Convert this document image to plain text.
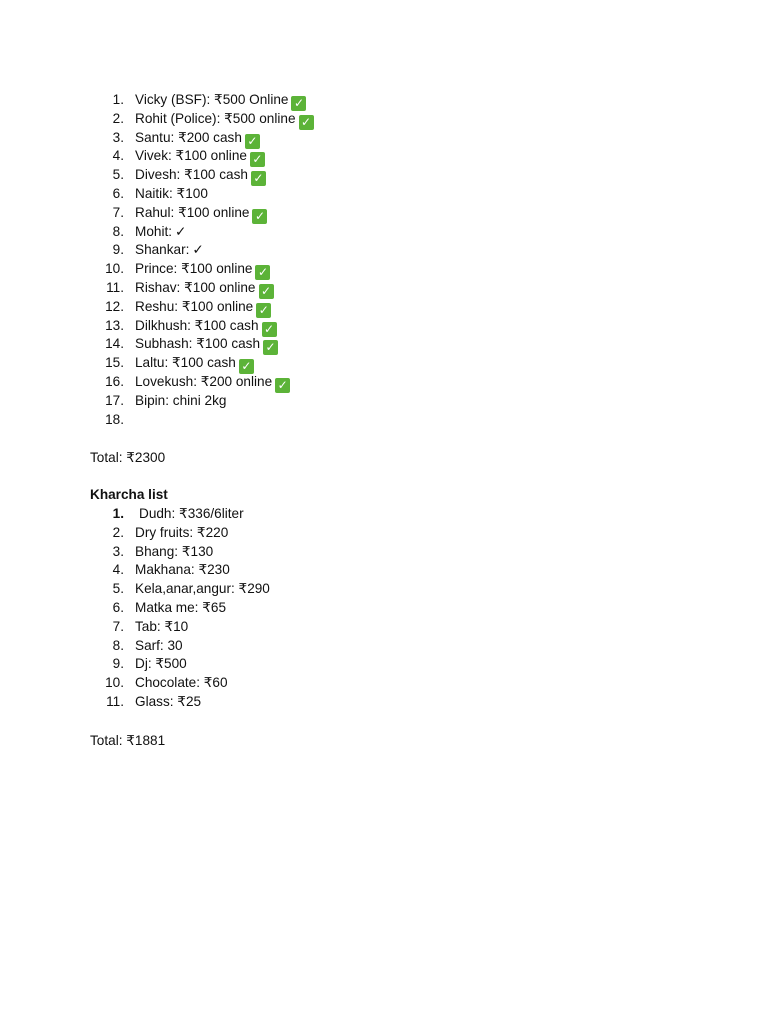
1. Vicky (BSF): ₹500 Online ✓
2. Rohit (Police): ₹500 online ✓
3. Santu: ₹200 cash ✓
4. Vivek: ₹100 online ✓
5. Divesh: ₹100 cash ✓
6. Naitik: ₹100
7. Rahul: ₹100 online ✓
8. Mohit: ✓
9. Shankar: ✓
10. Prince: ₹100 online ✓
11. Rishav: ₹100 online ✓
12. Reshu: ₹100 online ✓
13. Dilkhush: ₹100 cash ✓
14. Subhash: ₹100 cash ✓
15. Laltu: ₹100 cash ✓
16. Lovekush: ₹200 online ✓
17. Bipin: chini 2kg
18.
Total: ₹2300
Kharcha list
1. Dudh: ₹336/6liter
2. Dry fruits: ₹220
3. Bhang: ₹130
4. Makhana: ₹230
5. Kela,anar,angur: ₹290
6. Matka me: ₹65
7. Tab: ₹10
8. Sarf: 30
9. Dj: ₹500
10. Chocolate: ₹60
11. Glass: ₹25
Total: ₹1881
